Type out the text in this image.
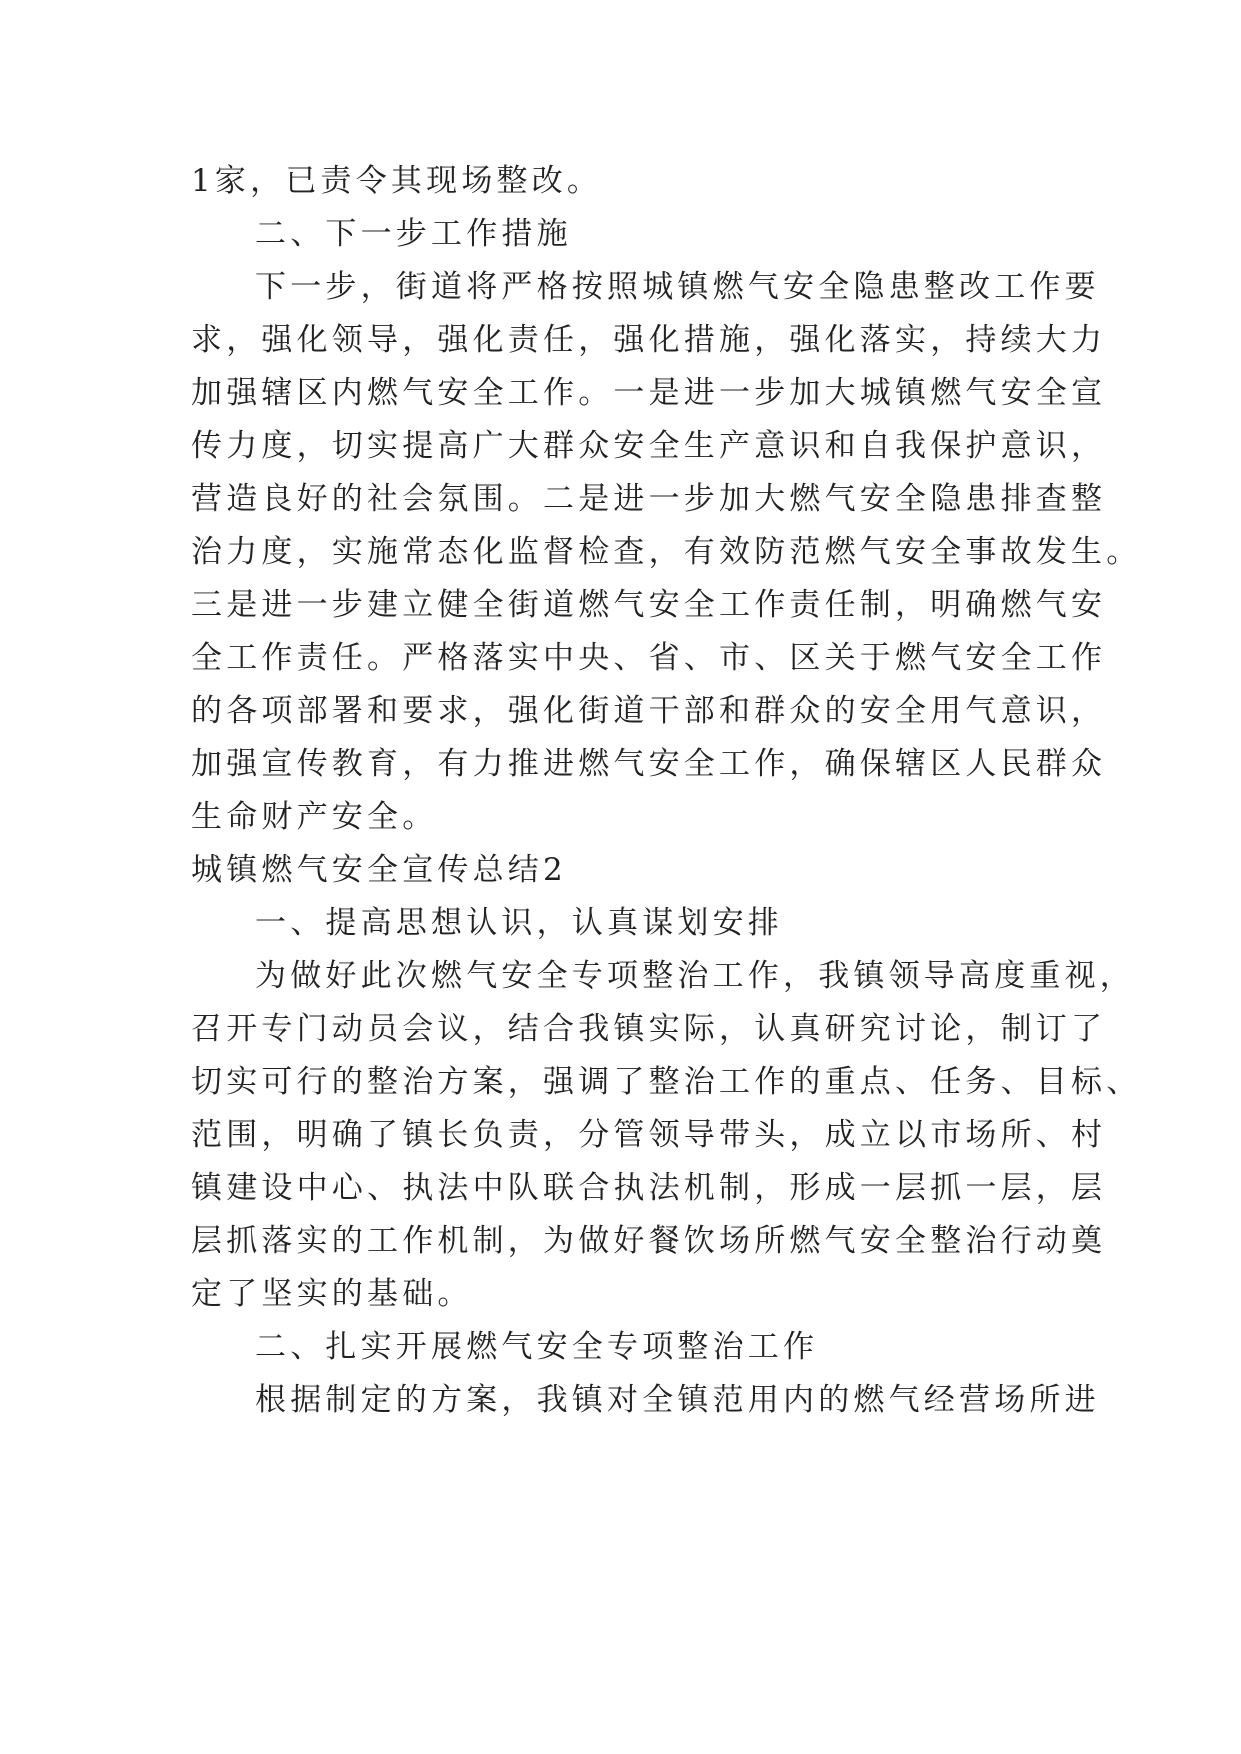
1家，已责令其现场整改。
二、下一步工作措施
下一步，街道将严格按照城镇燃气安全隐患整改工作要
求，强化领导，强化责任，强化措施，强化落实，持续大力
加强辖区内燃气安全工作。一是进一步加大城镇燃气安全宣
传力度，切实提高广大群众安全生产意识和自我保护意识，
营造良好的社会氛围。二是进一步加大燃气安全隐患排查整
治力度，实施常态化监督检查，有效防范燃气安全事故发生。
三是进一步建立健全街道燃气安全工作责任制，明确燃气安
全工作责任。严格落实中央、省、市、区关于燃气安全工作
的各项部署和要求，强化街道干部和群众的安全用气意识，
加强宣传教育，有力推进燃气安全工作，确保辖区人民群众
生命财产安全。
城镇燃气安全宣传总结2
一、提高思想认识，认真谋划安排
为做好此次燃气安全专项整治工作，我镇领导高度重视，
召开专门动员会议，结合我镇实际，认真研究讨论，制订了
切实可行的整治方案，强调了整治工作的重点、任务、目标、
范围，明确了镇长负责，分管领导带头，成立以市场所、村
镇建设中心、执法中队联合执法机制，形成一层抓一层，层
层抓落实的工作机制，为做好餐饮场所燃气安全整治行动奠
定了坚实的基础。
二、扎实开展燃气安全专项整治工作
根据制定的方案，我镇对全镇范用内的燃气经营场所进
